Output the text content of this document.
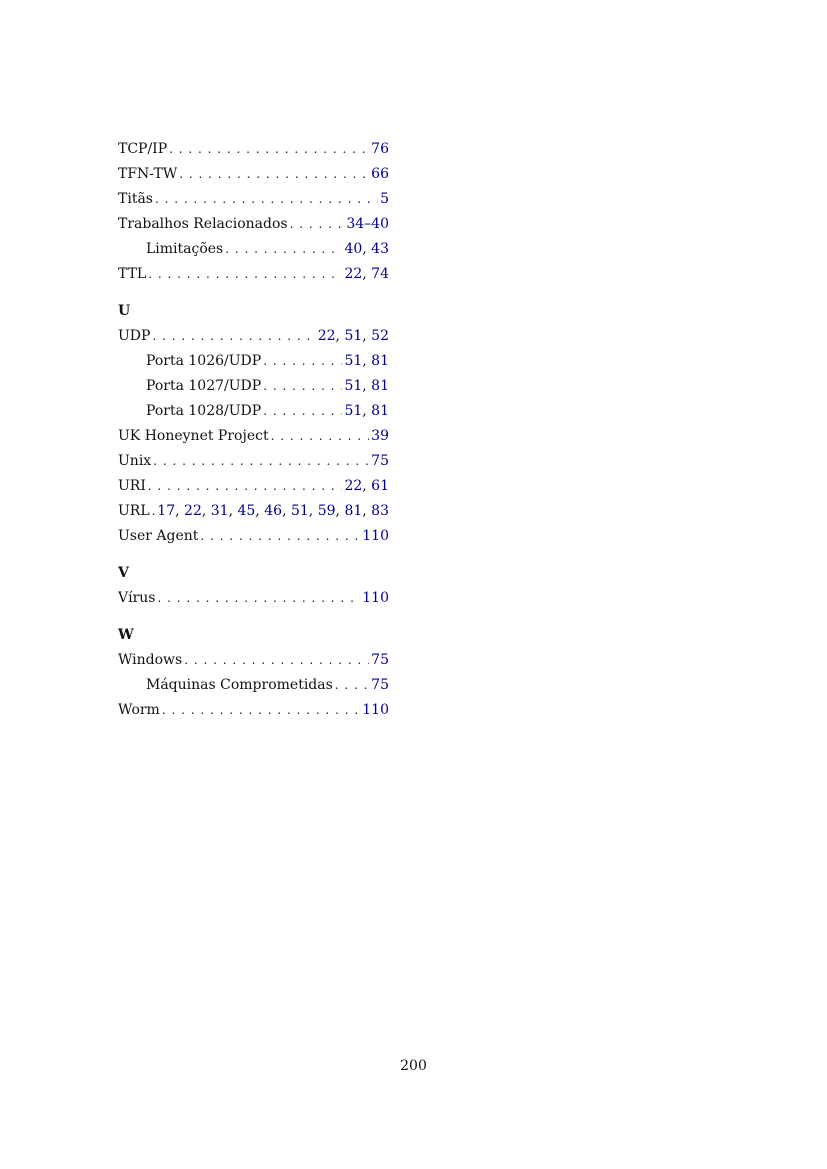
TCP/IP . . .	76
TFN-TW . . .	66
Titãs . . .	5
Trabalhos Relacionados . . .	34–40
Limitações . . .	40, 43
TTL . . .	22, 74
U
UDP . . .	22, 51, 52
Porta 1026/UDP . . .	51, 81
Porta 1027/UDP . . .	51, 81
Porta 1028/UDP . . .	51, 81
UK Honeynet Project . . .	39
Unix . . .	75
URI . . .	22, 61
URL . . . 17, 22, 31, 45, 46, 51, 59, 81, 83
User Agent . . .	110
V
Vírus . . .	110
W
Windows . . .	75
Máquinas Comprometidas . . .	75
Worm . . .	110
200
